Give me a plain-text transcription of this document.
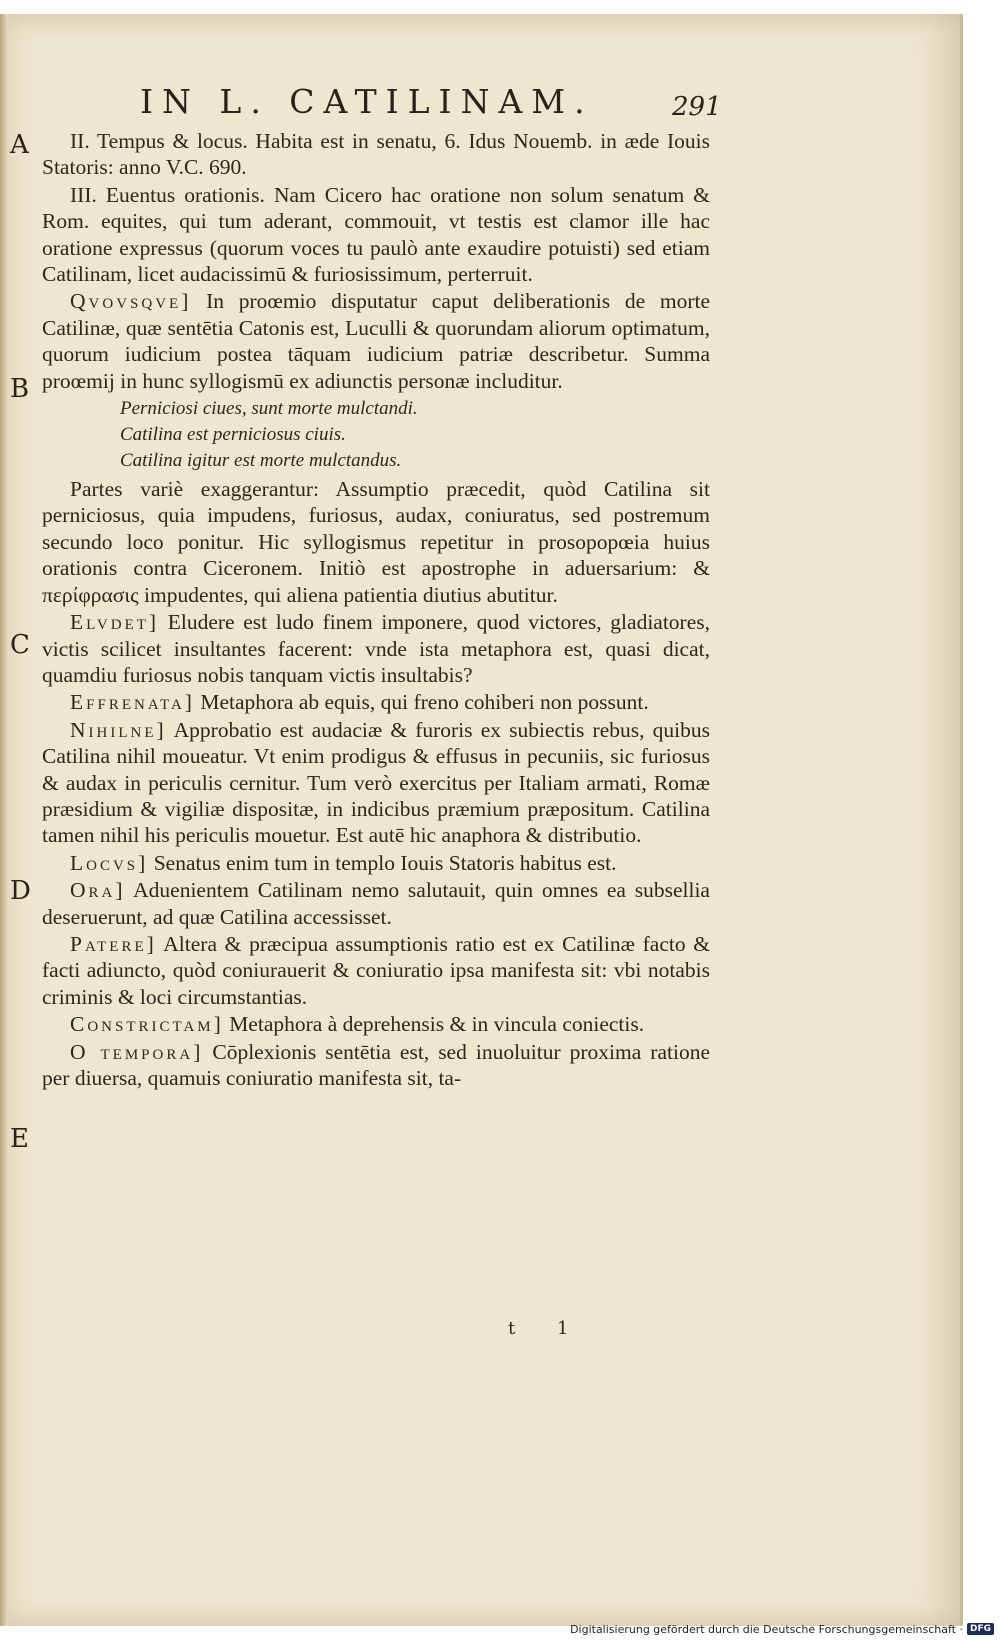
IN L. CATILINAM.	291
A
B
C
D
E

II. Tempus & locus. Habita est in senatu, 6. Idus Nouemb. in æde Iouis Statoris: anno V.C. 690.

III. Euentus orationis. Nam Cicero hac oratione non solum senatum & Rom. equites, qui tum aderant, commouit, vt testis est clamor ille hac oratione expressus (quorum voces tu paulò ante exaudire potuisti) sed etiam Catilinam, licet audacissimū & furiosissimum, perterruit.

Qvovsqve] In proœmio disputatur caput deliberationis de morte Catilinæ, quæ sentētia Catonis est, Luculli & quorundam aliorum optimatum, quorum iudicium postea tāquam iudicium patriæ describetur. Summa proœmij in hunc syllogismū ex adiunctis personæ includitur.

Perniciosi ciues, sunt morte mulctandi.
Catilina est perniciosus ciuis.
Catilina igitur est morte mulctandus.

Partes variè exaggerantur: Assumptio præcedit, quòd Catilina sit perniciosus, quia impudens, furiosus, audax, coniuratus, sed postremum secundo loco ponitur. Hic syllogismus repetitur in prosopopœia huius orationis contra Ciceronem. Initiò est apostrophe in aduersarium: & περίφρασις impudentes, qui aliena patientia diutius abutitur.

Elvdet] Eludere est ludo finem imponere, quod victores, gladiatores, victis scilicet insultantes facerent: vnde ista metaphora est, quasi dicat, quamdiu furiosus nobis tanquam victis insultabis?

Effrenata] Metaphora ab equis, qui freno cohiberi non possunt.

Nihilne] Approbatio est audaciæ & furoris ex subiectis rebus, quibus Catilina nihil moueatur. Vt enim prodigus & effusus in pecuniis, sic furiosus & audax in periculis cernitur. Tum verò exercitus per Italiam armati, Romæ præsidium & vigiliæ dispositæ, in indicibus præmium præpositum. Catilina tamen nihil his periculis mouetur. Est autē hic anaphora & distributio.

Locvs] Senatus enim tum in templo Iouis Statoris habitus est.

Ora] Aduenientem Catilinam nemo salutauit, quin omnes ea subsellia deseruerunt, ad quæ Catilina accessisset.

Patere] Altera & præcipua assumptionis ratio est ex Catilinæ facto & facti adiuncto, quòd coniurauerit & coniuratio ipsa manifesta sit: vbi notabis criminis & loci circumstantias.

Constrictam] Metaphora à deprehensis & in vincula coniectis.

O tempora] Cōplexionis sentētia est, sed inuoluitur proxima ratione per diuersa, quamuis coniuratio manifesta sit, ta-

t 1
Digitalisierung gefördert durch die Deutsche Forschungsgemeinschaft · DFG
